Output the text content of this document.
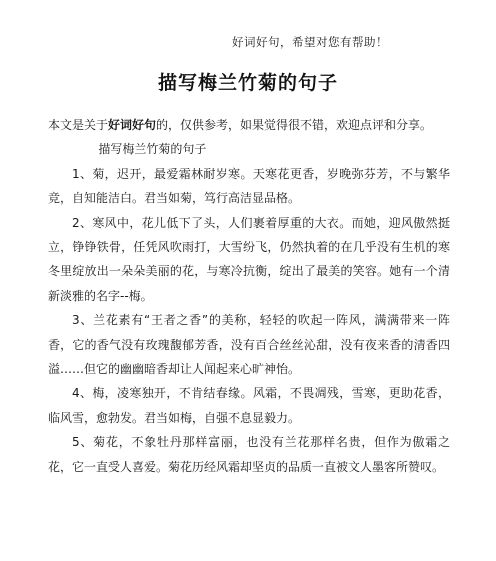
好词好句，希望对您有帮助！
描写梅兰竹菊的句子

本文是关于好词好句的，仅供参考，如果觉得很不错，欢迎点评和分享。

描写梅兰竹菊的句子

1、菊，迟开，最爱霜林耐岁寒。天寒花更香，岁晚弥芬芳，不与繁华竞，自知能洁白。君当如菊，笃行高洁显品格。

2、寒风中，花儿低下了头，人们裹着厚重的大衣。而她，迎风傲然挺立，铮铮铁骨，任凭风吹雨打，大雪纷飞，仍然执着的在几乎没有生机的寒冬里绽放出一朵朵美丽的花，与寒冷抗衡，绽出了最美的笑容。她有一个清新淡雅的名字--梅。

3、兰花素有“王者之香”的美称，轻轻的吹起一阵风，满满带来一阵香，它的香气没有玫瑰馥郁芳香，没有百合丝丝沁甜，没有夜来香的清香四溢……但它的幽幽暗香却让人闻起来心旷神怡。

4、梅，凌寒独开，不肯结春缘。风霜，不畏凋残，雪寒，更助花香，临风雪，愈勃发。君当如梅，自强不息显毅力。

5、菊花，不象牡丹那样富丽，也没有兰花那样名贵，但作为傲霜之花，它一直受人喜爱。菊花历经风霜却坚贞的品质一直被文人墨客所赞叹。
